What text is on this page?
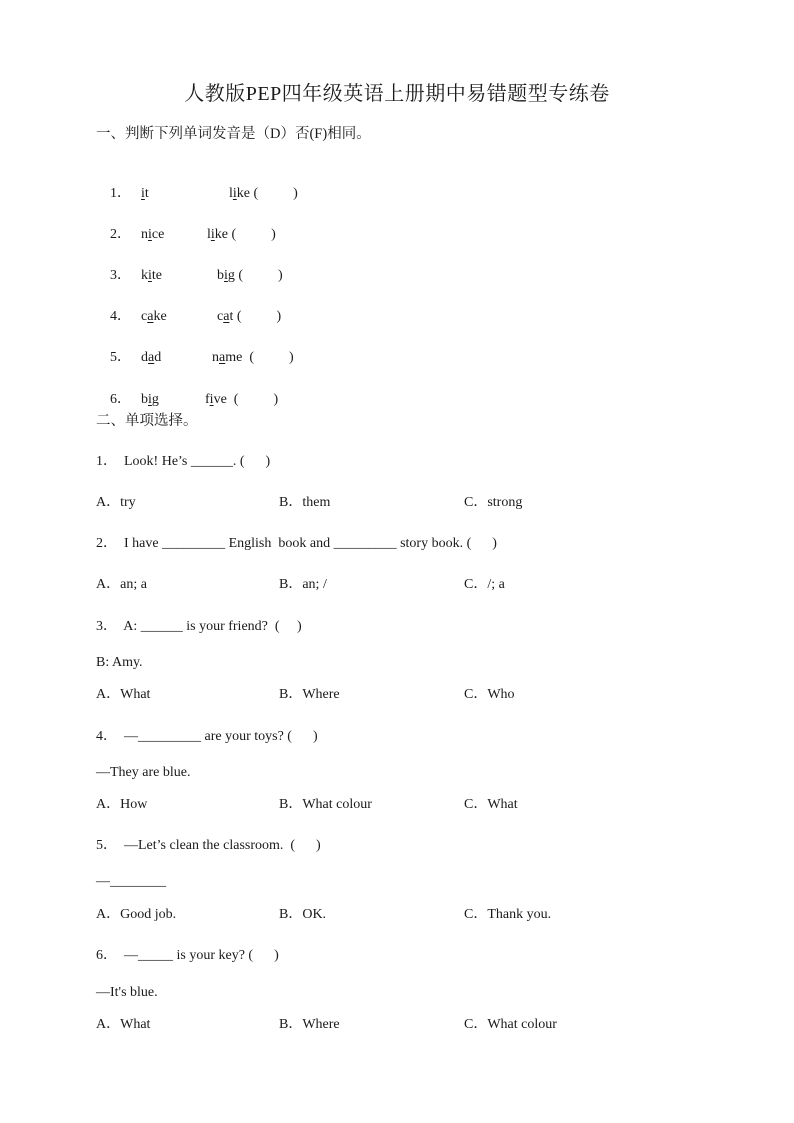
人教版PEP四年级英语上册期中易错题型专练卷
一、判断下列单词发音是（D）否(F)相同。

1． it	like (          )

2． nice	like (          )

3． kite	big (          )

4． cake	cat (          )

5． dad	name (          )

6． big	five (          )

二、单项选择。
1．  Look! He’s ______. (      )
A．try	B．them	C．strong
2．  I have _________ English  book and _________ story book. (      )
A．an; a	B．an; /	C．/; a
3．  A: ______ is your friend?  (     )
B: Amy.
A．What	B．Where	C．Who
4．  —_________ are your toys? (      )
—They are blue.
A．How	B．What colour	C．What
5．  —Let’s clean the classroom.  (      )
—________
A．Good job.	B．OK.	C．Thank you.
6．  —_____ is your key? (      )
—It's blue.
A．What	B．Where	C．What colour
